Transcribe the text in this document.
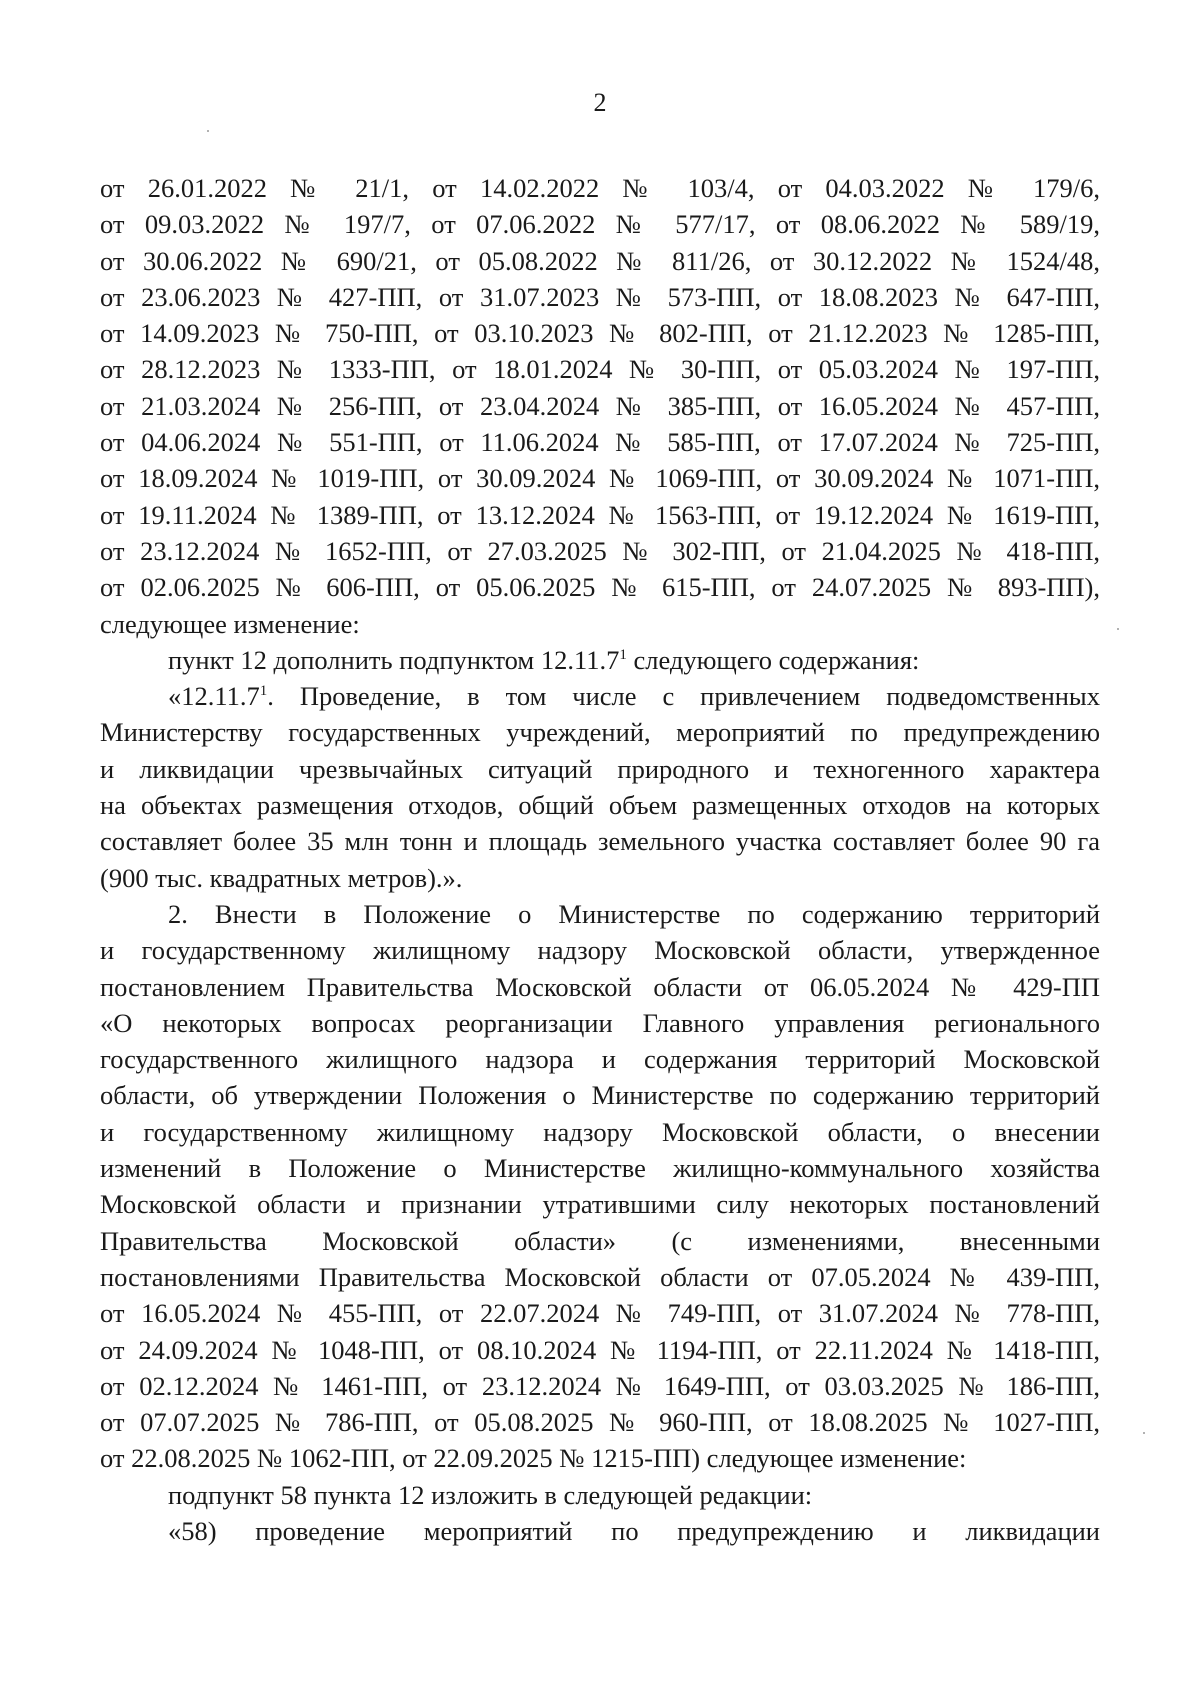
2
от 26.01.2022 № 21/1, от 14.02.2022 № 103/4, от 04.03.2022 № 179/6,
от 09.03.2022 № 197/7, от 07.06.2022 № 577/17, от 08.06.2022 № 589/19,
от 30.06.2022 № 690/21, от 05.08.2022 № 811/26, от 30.12.2022 № 1524/48,
от 23.06.2023 № 427-ПП, от 31.07.2023 № 573-ПП, от 18.08.2023 № 647-ПП,
от 14.09.2023 № 750-ПП, от 03.10.2023 № 802-ПП, от 21.12.2023 № 1285-ПП,
от 28.12.2023 № 1333-ПП, от 18.01.2024 № 30-ПП, от 05.03.2024 № 197-ПП,
от 21.03.2024 № 256-ПП, от 23.04.2024 № 385-ПП, от 16.05.2024 № 457-ПП,
от 04.06.2024 № 551-ПП, от 11.06.2024 № 585-ПП, от 17.07.2024 № 725-ПП,
от 18.09.2024 № 1019-ПП, от 30.09.2024 № 1069-ПП, от 30.09.2024 № 1071-ПП,
от 19.11.2024 № 1389-ПП, от 13.12.2024 № 1563-ПП, от 19.12.2024 № 1619-ПП,
от 23.12.2024 № 1652-ПП, от 27.03.2025 № 302-ПП, от 21.04.2025 № 418-ПП,
от 02.06.2025 № 606-ПП, от 05.06.2025 № 615-ПП, от 24.07.2025 № 893-ПП),
следующее изменение:
пункт 12 дополнить подпунктом 12.11.7$^1$ следующего содержания:
«12.11.7$^1$. Проведение, в том числе с привлечением подведомственных
Министерству государственных учреждений, мероприятий по предупреждению
и ликвидации чрезвычайных ситуаций природного и техногенного характера
на объектах размещения отходов, общий объем размещенных отходов на которых
составляет более 35 млн тонн и площадь земельного участка составляет более 90 га
(900 тыс. квадратных метров).».
2. Внести в Положение о Министерстве по содержанию территорий
и государственному жилищному надзору Московской области, утвержденное
постановлением Правительства Московской области от 06.05.2024 № 429-ПП
«О некоторых вопросах реорганизации Главного управления регионального
государственного жилищного надзора и содержания территорий Московской
области, об утверждении Положения о Министерстве по содержанию территорий
и государственному жилищному надзору Московской области, о внесении
изменений в Положение о Министерстве жилищно-коммунального хозяйства
Московской области и признании утратившими силу некоторых постановлений
Правительства Московской области» (с изменениями, внесенными
постановлениями Правительства Московской области от 07.05.2024 № 439-ПП,
от 16.05.2024 № 455-ПП, от 22.07.2024 № 749-ПП, от 31.07.2024 № 778-ПП,
от 24.09.2024 № 1048-ПП, от 08.10.2024 № 1194-ПП, от 22.11.2024 № 1418-ПП,
от 02.12.2024 № 1461-ПП, от 23.12.2024 № 1649-ПП, от 03.03.2025 № 186-ПП,
от 07.07.2025 № 786-ПП, от 05.08.2025 № 960-ПП, от 18.08.2025 № 1027-ПП,
от 22.08.2025 № 1062-ПП, от 22.09.2025 № 1215-ПП) следующее изменение:
подпункт 58 пункта 12 изложить в следующей редакции:
«58) проведение мероприятий по предупреждению и ликвидации
